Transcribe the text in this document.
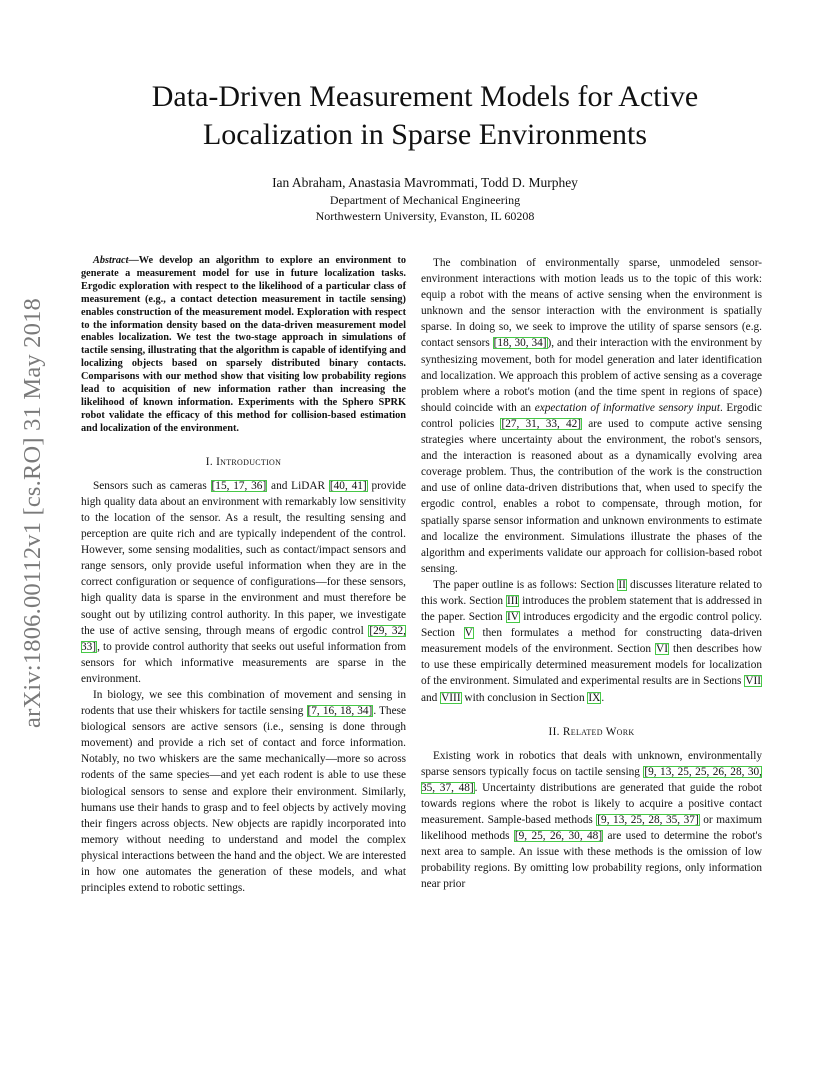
arXiv:1806.00112v1 [cs.RO] 31 May 2018
Data-Driven Measurement Models for Active
Localization in Sparse Environments
Ian Abraham, Anastasia Mavrommati, Todd D. Murphey
Department of Mechanical Engineering
Northwestern University, Evanston, IL 60208

Abstract—We develop an algorithm to explore an environment to generate a measurement model for use in future localization tasks. Ergodic exploration with respect to the likelihood of a particular class of measurement (e.g., a contact detection measurement in tactile sensing) enables construction of the measurement model. Exploration with respect to the information density based on the data-driven measurement model enables localization. We test the two-stage approach in simulations of tactile sensing, illustrating that the algorithm is capable of identifying and localizing objects based on sparsely distributed binary contacts. Comparisons with our method show that visiting low probability regions lead to acquisition of new information rather than increasing the likelihood of known information. Experiments with the Sphero SPRK robot validate the efficacy of this method for collision-based estimation and localization of the environment.

I. Introduction

Sensors such as cameras [15, 17, 36] and LiDAR [40, 41] provide high quality data about an environment with remarkably low sensitivity to the location of the sensor. As a result, the resulting sensing and perception are quite rich and are typically independent of the control. However, some sensing modalities, such as contact/impact sensors and range sensors, only provide useful information when they are in the correct configuration or sequence of configurations—for these sensors, high quality data is sparse in the environment and must therefore be sought out by utilizing control authority. In this paper, we investigate the use of active sensing, through means of ergodic control [29, 32, 33], to provide control authority that seeks out useful information from sensors for which informative measurements are sparse in the environment.

In biology, we see this combination of movement and sensing in rodents that use their whiskers for tactile sensing [7, 16, 18, 34]. These biological sensors are active sensors (i.e., sensing is done through movement) and provide a rich set of contact and force information. Notably, no two whiskers are the same mechanically—more so across rodents of the same species—and yet each rodent is able to use these biological sensors to sense and explore their environment. Similarly, humans use their hands to grasp and to feel objects by actively moving their fingers across objects. New objects are rapidly incorporated into memory without needing to understand and model the complex physical interactions between the hand and the object. We are interested in how one automates the generation of these models, and what principles extend to robotic settings.

The combination of environmentally sparse, unmodeled sensor-environment interactions with motion leads us to the topic of this work: equip a robot with the means of active sensing when the environment is unknown and the sensor interaction with the environment is spatially sparse. In doing so, we seek to improve the utility of sparse sensors (e.g. contact sensors [18, 30, 34]), and their interaction with the environment by synthesizing movement, both for model generation and later identification and localization. We approach this problem of active sensing as a coverage problem where a robot's motion (and the time spent in regions of space) should coincide with an expectation of informative sensory input. Ergodic control policies [27, 31, 33, 42] are used to compute active sensing strategies where uncertainty about the environment, the robot's sensors, and the interaction is reasoned about as a dynamically evolving area coverage problem. Thus, the contribution of the work is the construction and use of online data-driven distributions that, when used to specify the ergodic control, enables a robot to compensate, through motion, for spatially sparse sensor information and unknown environments to estimate and localize the environment. Simulations illustrate the phases of the algorithm and experiments validate our approach for collision-based robot sensing.

The paper outline is as follows: Section II discusses literature related to this work. Section III introduces the problem statement that is addressed in the paper. Section IV introduces ergodicity and the ergodic control policy. Section V then formulates a method for constructing data-driven measurement models of the environment. Section VI then describes how to use these empirically determined measurement models for localization of the environment. Simulated and experimental results are in Sections VII and VIII with conclusion in Section IX.

II. Related Work

Existing work in robotics that deals with unknown, environmentally sparse sensors typically focus on tactile sensing [9, 13, 25, 25, 26, 28, 30, 35, 37, 48]. Uncertainty distributions are generated that guide the robot towards regions where the robot is likely to acquire a positive contact measurement. Sample-based methods [9, 13, 25, 28, 35, 37] or maximum likelihood methods [9, 25, 26, 30, 48] are used to determine the robot's next area to sample. An issue with these methods is the omission of low probability regions. By omitting low probability regions, only information near prior
